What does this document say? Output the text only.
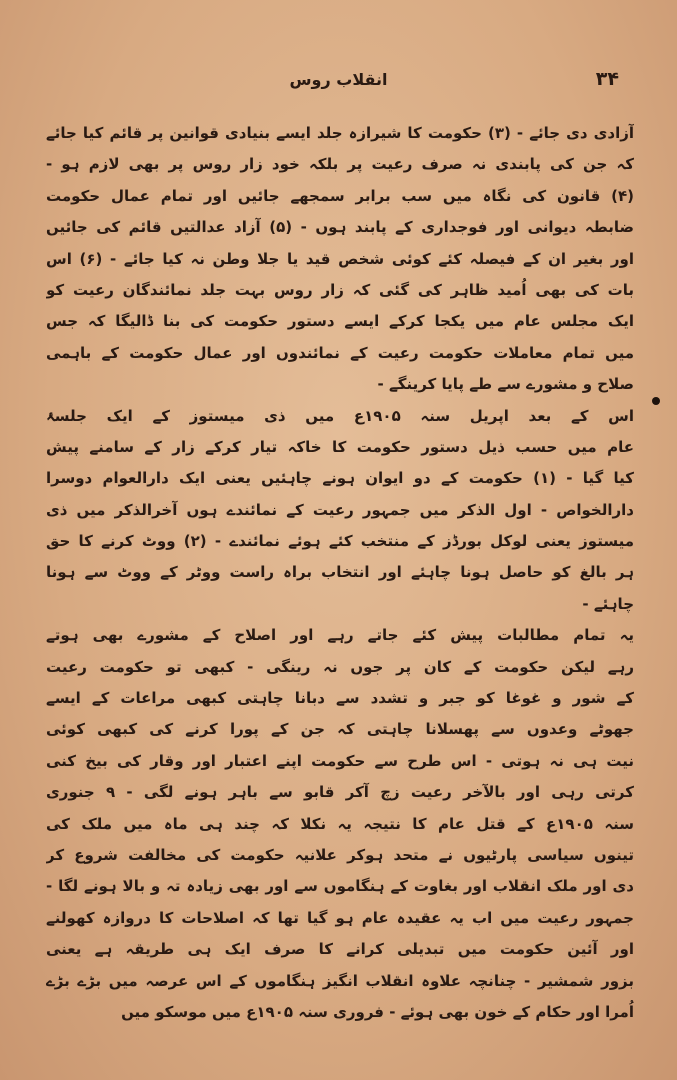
۳۴
انقلاب روس
آزادی دی جائے - (۳) حکومت کا شیرازہ جلد ایسے بنیادی قوانین پر قائم کیا جائے
کہ جن کی پابندی نہ صرف رعیت پر بلکہ خود زار روس پر بھی لازم ہو -
(۴) قانون کی نگاہ میں سب برابر سمجھے جائیں اور تمام عمال حکومت
ضابطہ دیوانی اور فوجداری کے پابند ہوں - (۵) آزاد عدالتیں قائم کی جائیں
اور بغیر ان کے فیصلہ کئے کوئی شخص قید یا جلا وطن نہ کیا جائے - (۶) اس
بات کی بھی اُمید ظاہر کی گئی کہ زار روس بہت جلد نمائندگان رعیت کو
ایک مجلس عام میں یکجا کرکے ایسے دستور حکومت کی بنا ڈالیگا کہ جس
میں تمام معاملات حکومت رعیت کے نمائندوں اور عمال حکومت کے باہمی
صلاح و مشورے سے طے پایا کرینگے -
اس کے بعد اپریل سنہ ۱۹۰۵ع میں ذی میستوز کے ایک جلسۂ
عام میں حسب ذیل دستور حکومت کا خاکہ تیار کرکے زار کے سامنے پیش
کیا گیا - (۱) حکومت کے دو ایوان ہونے چاہئیں یعنی ایک دارالعوام دوسرا
دارالخواص - اول الذکر میں جمہور رعیت کے نمائندے ہوں آخرالذکر میں ذی
میستوز یعنی لوکل بورڈز کے منتخب کئے ہوئے نمائندے - (۲) ووٹ کرنے کا حق
ہر بالغ کو حاصل ہونا چاہئے اور انتخاب براہ راست ووٹر کے ووٹ سے ہونا
چاہئے -
یہ تمام مطالبات پیش کئے جاتے رہے اور اصلاح کے مشورے بھی ہوتے
رہے لیکن حکومت کے کان پر جوں نہ رینگی - کبھی تو حکومت رعیت
کے شور و غوغا کو جبر و تشدد سے دبانا چاہتی کبھی مراعات کے ایسے
جھوٹے وعدوں سے پھسلانا چاہتی کہ جن کے پورا کرنے کی کبھی کوئی
نیت ہی نہ ہوتی - اس طرح سے حکومت اپنے اعتبار اور وقار کی بیخ کنی
کرتی رہی اور بالآخر رعیت زچ آکر قابو سے باہر ہونے لگی - ۹ جنوری
سنہ ۱۹۰۵ع کے قتل عام کا نتیجہ یہ نکلا کہ چند ہی ماہ میں ملک کی
تینوں سیاسی پارٹیوں نے متحد ہوکر علانیہ حکومت کی مخالفت شروع کر
دی اور ملک انقلاب اور بغاوت کے ہنگاموں سے اور بھی زیادہ تہ و بالا ہونے لگا -
جمہور رعیت میں اب یہ عقیدہ عام ہو گیا تھا کہ اصلاحات کا دروازہ کھولنے
اور آئین حکومت میں تبدیلی کرانے کا صرف ایک ہی طریقہ ہے یعنی
بزور شمشیر - چنانچہ علاوہ انقلاب انگیز ہنگاموں کے اس عرصہ میں بڑے بڑے
اُمرا اور حکام کے خون بھی ہوئے - فروری سنہ ۱۹۰۵ع میں موسکو میں
